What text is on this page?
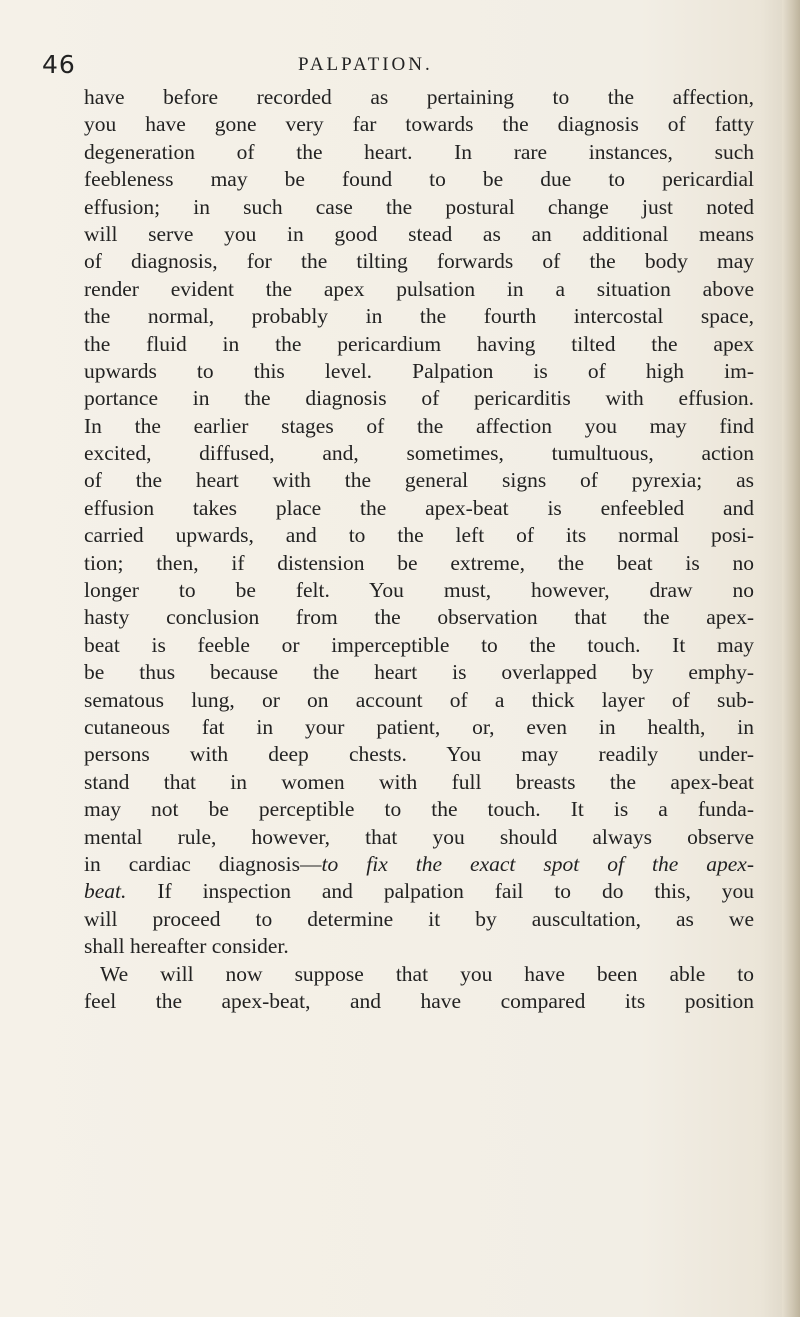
46	PALPATION.
have before recorded as pertaining to the affection,
you have gone very far towards the diagnosis of fatty
degeneration of the heart. In rare instances, such
feebleness may be found to be due to pericardial
effusion; in such case the postural change just noted
will serve you in good stead as an additional means
of diagnosis, for the tilting forwards of the body may
render evident the apex pulsation in a situation above
the normal, probably in the fourth intercostal space,
the fluid in the pericardium having tilted the apex
upwards to this level. Palpation is of high im-
portance in the diagnosis of pericarditis with effusion.
In the earlier stages of the affection you may find
excited, diffused, and, sometimes, tumultuous, action
of the heart with the general signs of pyrexia; as
effusion takes place the apex-beat is enfeebled and
carried upwards, and to the left of its normal posi-
tion; then, if distension be extreme, the beat is no
longer to be felt. You must, however, draw no
hasty conclusion from the observation that the apex-
beat is feeble or imperceptible to the touch. It may
be thus because the heart is overlapped by emphy-
sematous lung, or on account of a thick layer of sub-
cutaneous fat in your patient, or, even in health, in
persons with deep chests. You may readily under-
stand that in women with full breasts the apex-beat
may not be perceptible to the touch. It is a funda-
mental rule, however, that you should always observe
in cardiac diagnosis—to fix the exact spot of the apex-
beat. If inspection and palpation fail to do this, you
will proceed to determine it by auscultation, as we
shall hereafter consider.
We will now suppose that you have been able to
feel the apex-beat, and have compared its position
